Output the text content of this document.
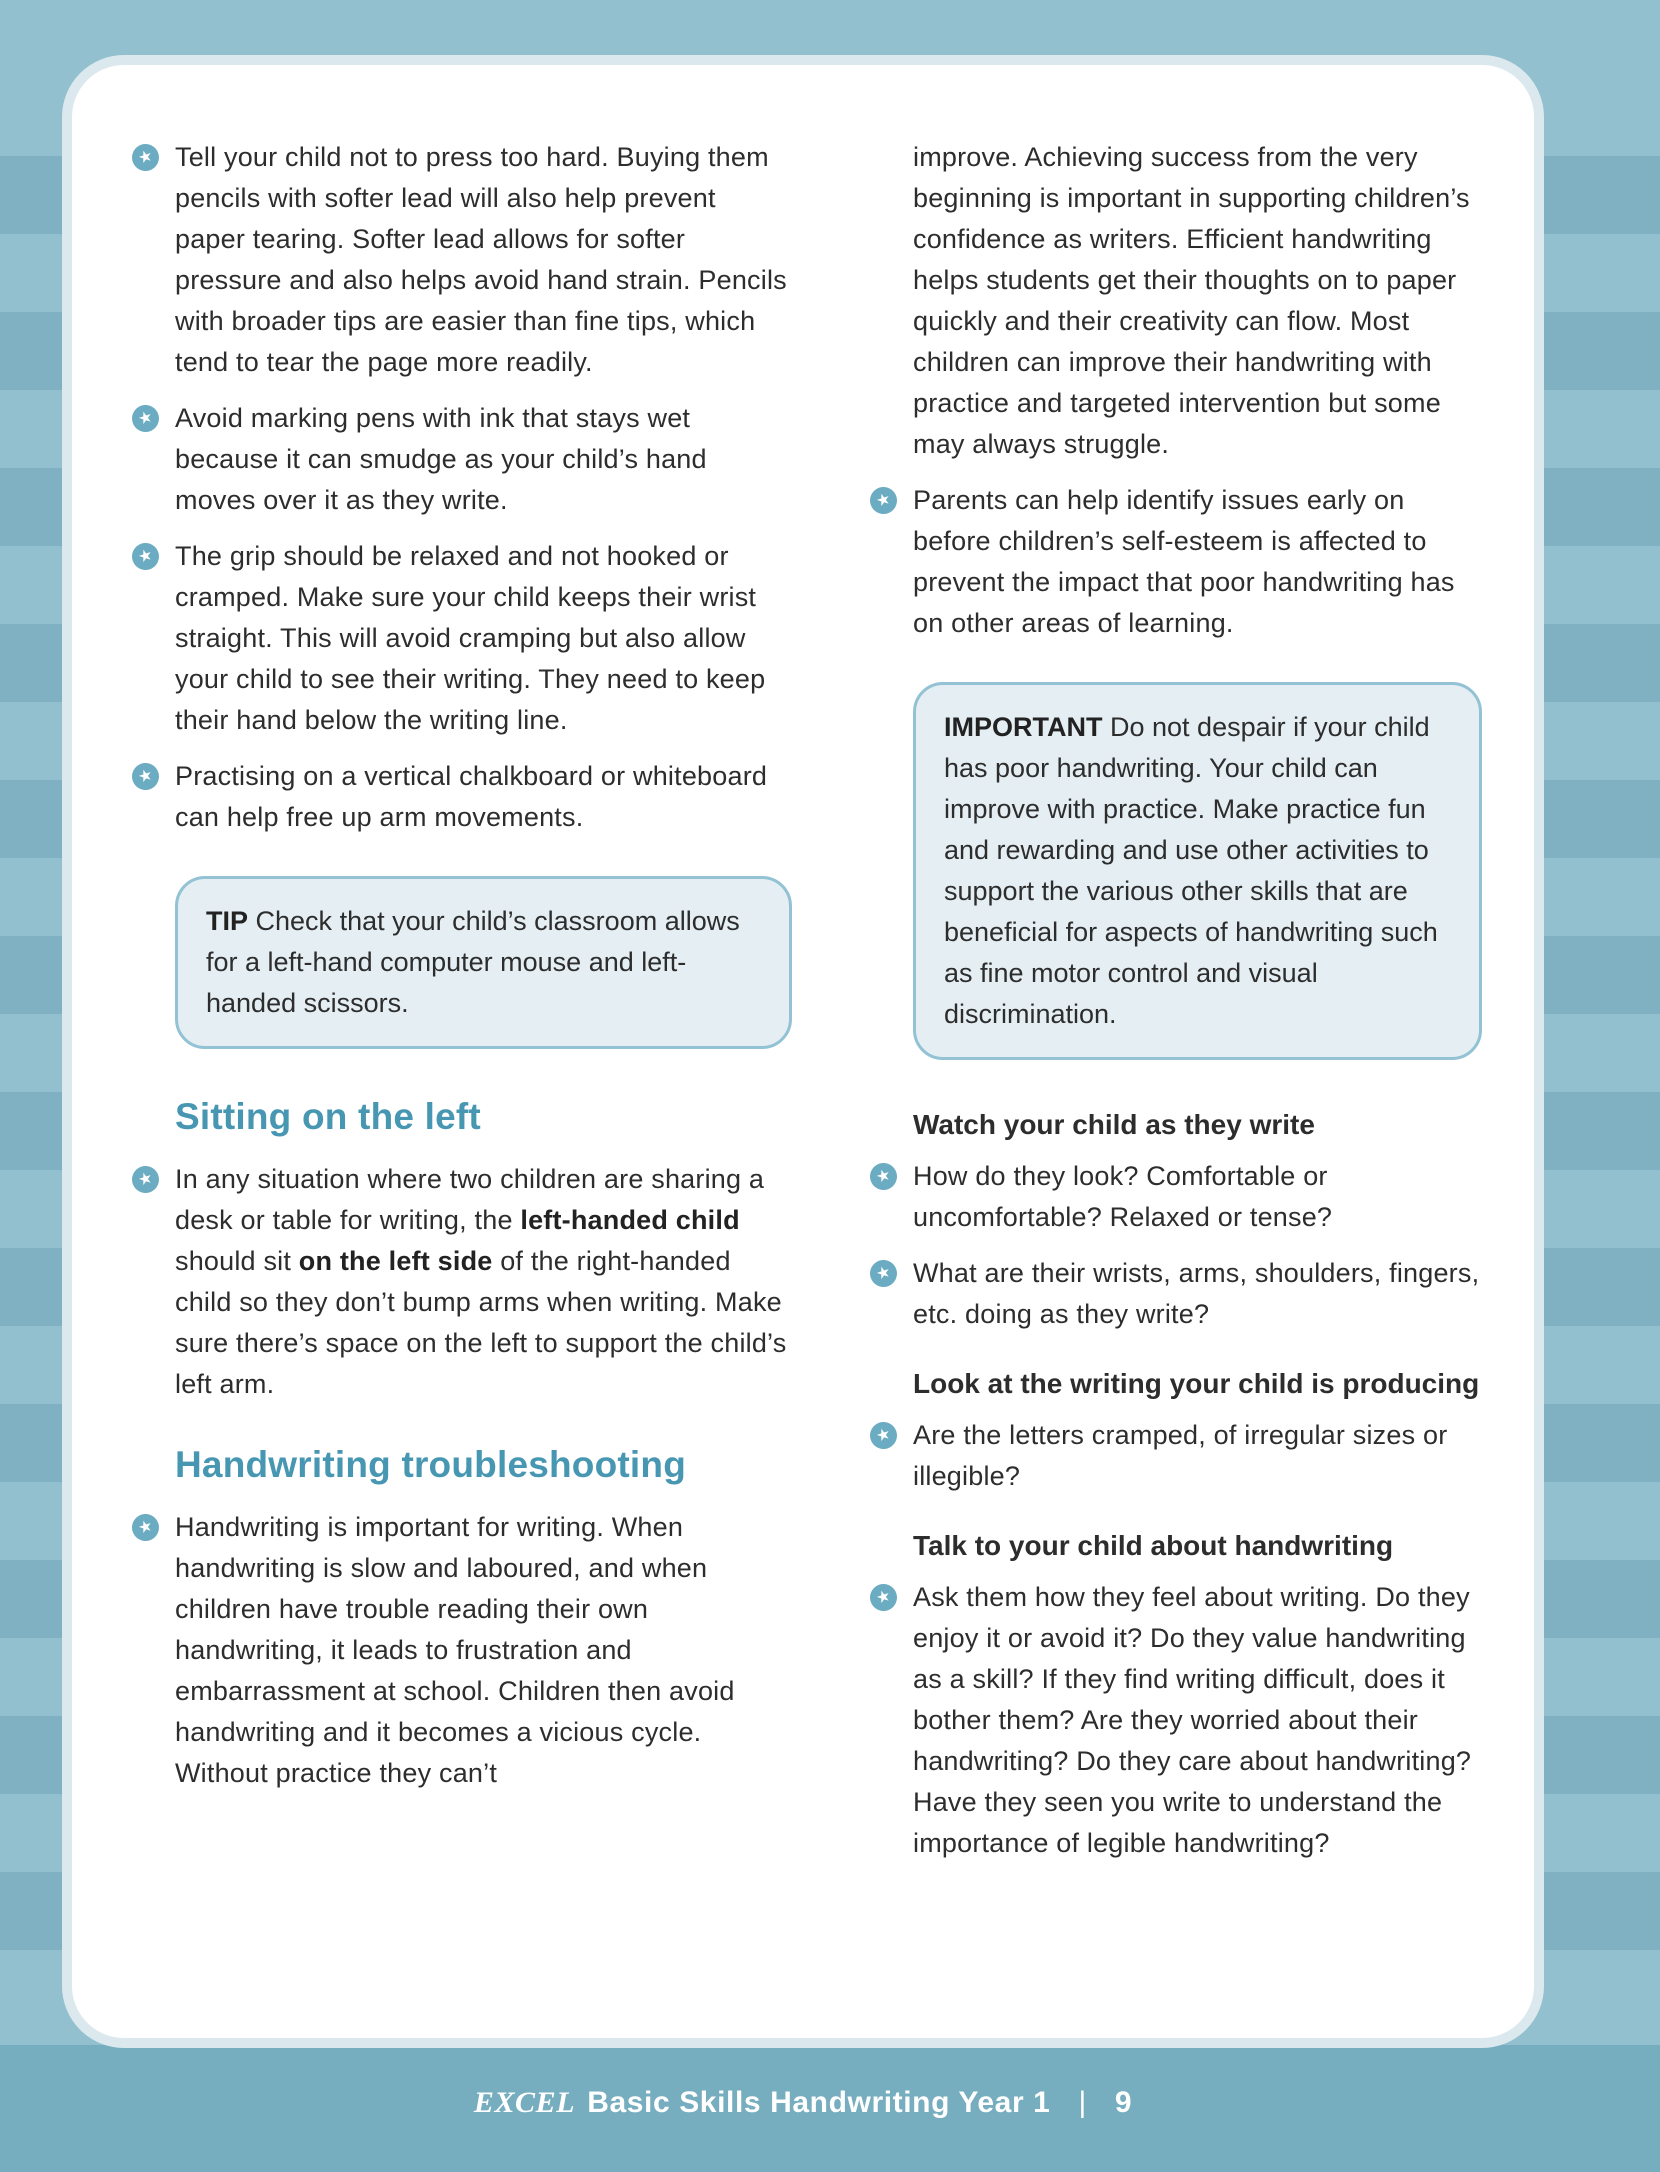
★ Tell your child not to press too hard. Buying them pencils with softer lead will also help prevent paper tearing. Softer lead allows for softer pressure and also helps avoid hand strain. Pencils with broader tips are easier than fine tips, which tend to tear the page more readily.

★ Avoid marking pens with ink that stays wet because it can smudge as your child’s hand moves over it as they write.

★ The grip should be relaxed and not hooked or cramped. Make sure your child keeps their wrist straight. This will avoid cramping but also allow your child to see their writing. They need to keep their hand below the writing line.

★ Practising on a vertical chalkboard or whiteboard can help free up arm movements.

TIP Check that your child’s classroom allows for a left-hand computer mouse and left-handed scissors.

Sitting on the left
★ In any situation where two children are sharing a desk or table for writing, the left-handed child should sit on the left side of the right-handed child so they don’t bump arms when writing. Make sure there’s space on the left to support the child’s left arm.

Handwriting troubleshooting
★ Handwriting is important for writing. When handwriting is slow and laboured, and when children have trouble reading their own handwriting, it leads to frustration and embarrassment at school. Children then avoid handwriting and it becomes a vicious cycle. Without practice they can’t

improve. Achieving success from the very beginning is important in supporting children’s confidence as writers. Efficient handwriting helps students get their thoughts on to paper quickly and their creativity can flow. Most children can improve their handwriting with practice and targeted intervention but some may always struggle.

★ Parents can help identify issues early on before children’s self-esteem is affected to prevent the impact that poor handwriting has on other areas of learning.

IMPORTANT Do not despair if your child has poor handwriting. Your child can improve with practice. Make practice fun and rewarding and use other activities to support the various other skills that are beneficial for aspects of handwriting such as fine motor control and visual discrimination.

Watch your child as they write
★ How do they look? Comfortable or uncomfortable? Relaxed or tense?

★ What are their wrists, arms, shoulders, fingers, etc. doing as they write?

Look at the writing your child is producing
★ Are the letters cramped, of irregular sizes or illegible?

Talk to your child about handwriting
★ Ask them how they feel about writing. Do they enjoy it or avoid it? Do they value handwriting as a skill? If they find writing difficult, does it bother them? Are they worried about their handwriting? Do they care about handwriting? Have they seen you write to understand the importance of legible handwriting?

EXCEL Basic Skills Handwriting Year 1 | 9
